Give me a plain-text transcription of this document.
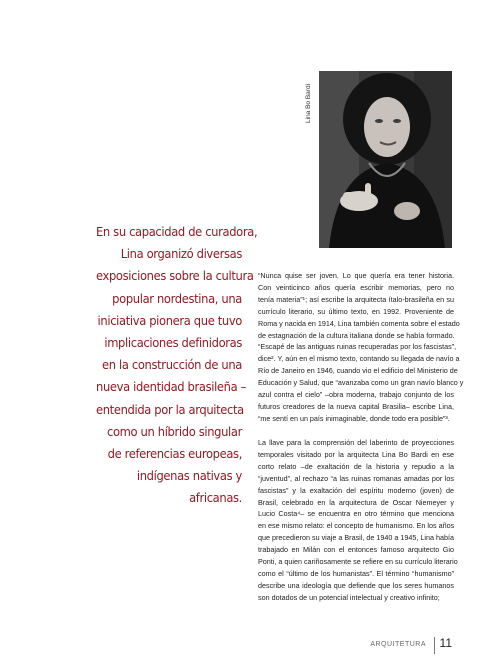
Lina Bo Bardi
En su capacidad de curadora,
Lina organizó diversas
exposiciones sobre la cultura
popular nordestina, una
iniciativa pionera que tuvo
implicaciones definidoras
en la construcción de una
nueva identidad brasileña –
entendida por la arquitecta
como un híbrido singular
de referencias europeas,
indígenas nativas y
africanas.
“Nunca quise ser joven. Lo que quería era tener historia.
Con veinticinco años quería escribir memorias, pero no
tenía materia”¹; así escribe la arquitecta ítalo-brasileña en su
currículo literario, su último texto, en 1992. Proveniente de
Roma y nacida en 1914, Lina también comenta sobre el estado
de estagnación de la cultura italiana donde se había formado.
“Escapé de las antiguas ruinas recuperadas por los fascistas”,
dice². Y, aún en el mismo texto, contando su llegada de navío a
Río de Janeiro en 1946, cuando vio el edificio del Ministerio de
Educación y Salud, que “avanzaba como un gran navío blanco y
azul contra el cielo” –obra moderna, trabajo conjunto de los
futuros creadores de la nueva capital Brasilia– escribe Lina,
“me sentí en un país inimaginable, donde todo era posible”³.
La llave para la comprensión del laberinto de proyecciones
temporales visitado por la arquitecta Lina Bo Bardi en ese
corto relato –de exaltación de la historia y repudio a la
“juventud”, al rechazo “a las ruinas romanas amadas por los
fascistas” y la exaltación del espíritu moderno (joven) de
Brasil, celebrado en la arquitectura de Oscar Niemeyer y
Lucio Costa⁴– se encuentra en otro término que menciona
en ese mismo relato: el concepto de humanismo. En los años
que precedieron su viaje a Brasil, de 1940 a 1945, Lina había
trabajado en Milán con el entonces famoso arquitecto Gio
Ponti, a quien cariñosamente se refiere en su currículo literario
como el “último de los humanistas”. El término “humanismo”
describe una ideología que defiende que los seres humanos
son dotados de un potencial intelectual y creativo infinito;
ARQUITETURA 11
